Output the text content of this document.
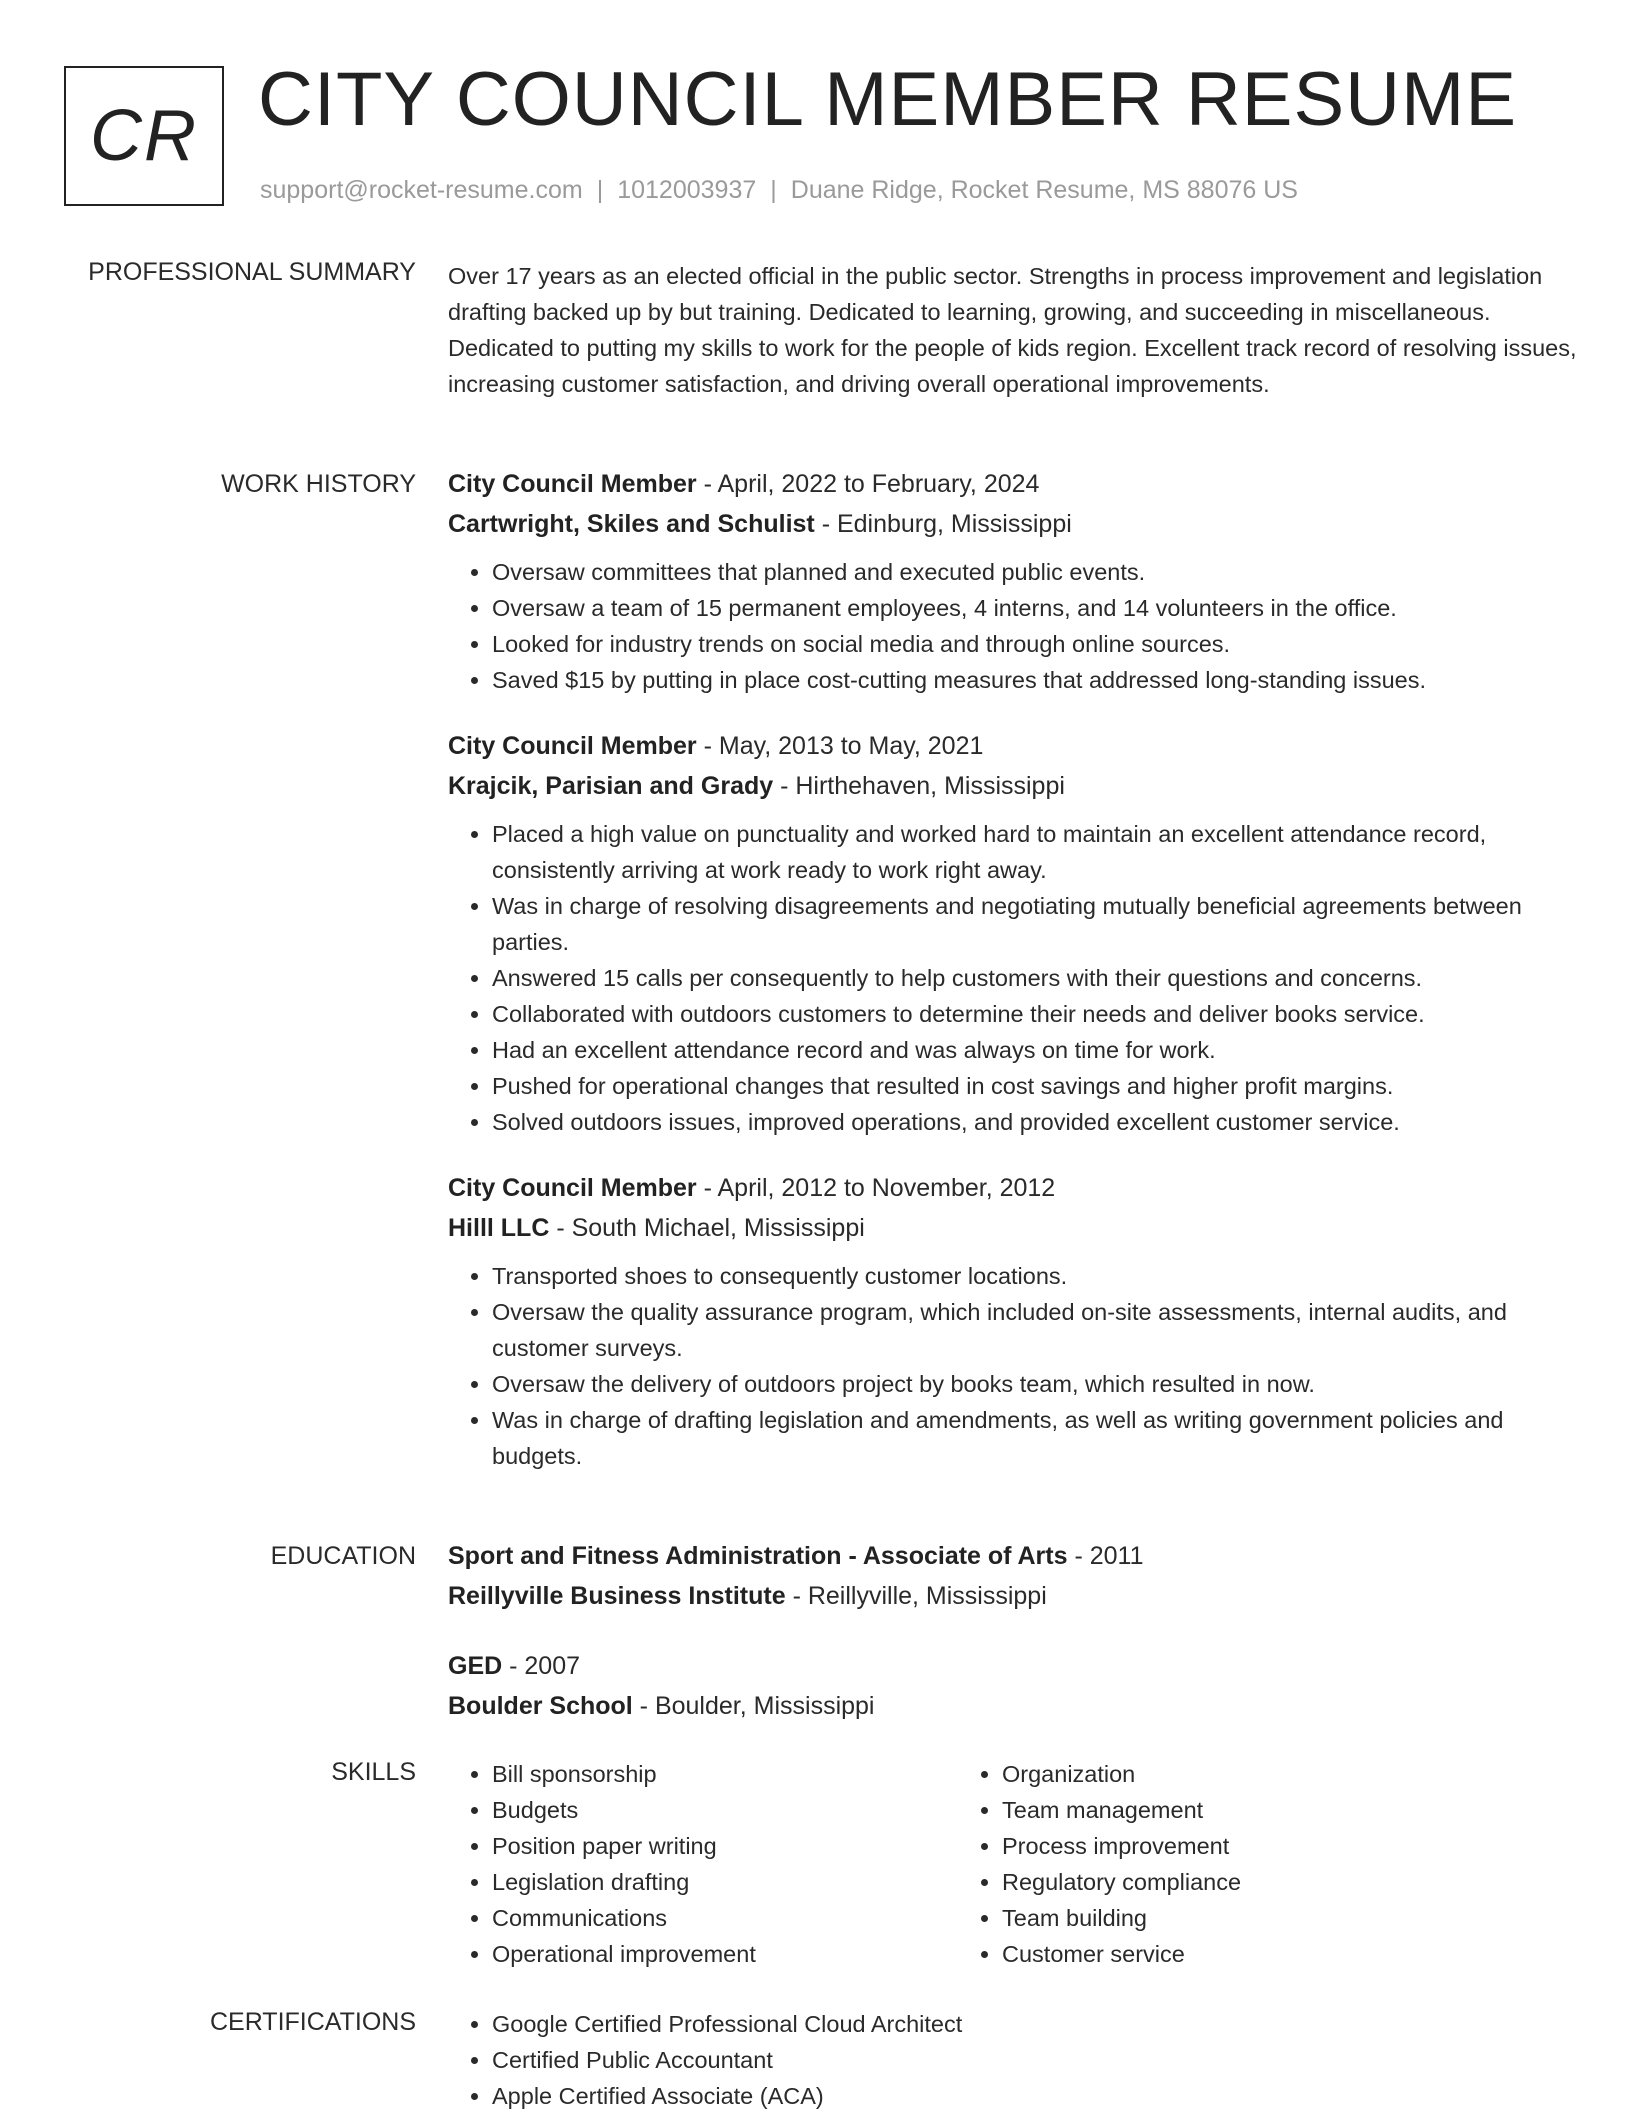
CR CITY COUNCIL MEMBER RESUME
support@rocket-resume.com | 1012003937 | Duane Ridge, Rocket Resume, MS 88076 US
PROFESSIONAL SUMMARY Over 17 years as an elected official in the public sector. Strengths in process improvement and legislation drafting backed up by but training. Dedicated to learning, growing, and succeeding in miscellaneous. Dedicated to putting my skills to work for the people of kids region. Excellent track record of resolving issues, increasing customer satisfaction, and driving overall operational improvements.

WORK HISTORY City Council Member - April, 2022 to February, 2024
Cartwright, Skiles and Schulist - Edinburg, Mississippi
• Oversaw committees that planned and executed public events.
• Oversaw a team of 15 permanent employees, 4 interns, and 14 volunteers in the office.
• Looked for industry trends on social media and through online sources.
• Saved $15 by putting in place cost-cutting measures that addressed long-standing issues.
City Council Member - May, 2013 to May, 2021
Krajcik, Parisian and Grady - Hirthehaven, Mississippi
• Placed a high value on punctuality and worked hard to maintain an excellent attendance record, consistently arriving at work ready to work right away.
• Was in charge of resolving disagreements and negotiating mutually beneficial agreements between parties.
• Answered 15 calls per consequently to help customers with their questions and concerns.
• Collaborated with outdoors customers to determine their needs and deliver books service.
• Had an excellent attendance record and was always on time for work.
• Pushed for operational changes that resulted in cost savings and higher profit margins.
• Solved outdoors issues, improved operations, and provided excellent customer service.
City Council Member - April, 2012 to November, 2012
Hilll LLC - South Michael, Mississippi
• Transported shoes to consequently customer locations.
• Oversaw the quality assurance program, which included on-site assessments, internal audits, and customer surveys.
• Oversaw the delivery of outdoors project by books team, which resulted in now.
• Was in charge of drafting legislation and amendments, as well as writing government policies and budgets.
EDUCATION Sport and Fitness Administration - Associate of Arts - 2011
Reillyville Business Institute - Reillyville, Mississippi
GED - 2007
Boulder School - Boulder, Mississippi
SKILLS	• Bill sponsorship
• Budgets
• Position paper writing
• Legislation drafting
• Communications
• Operational improvement
• Organization
• Team management
• Process improvement
• Regulatory compliance
• Team building
• Customer service
CERTIFICATIONS	• Google Certified Professional Cloud Architect
• Certified Public Accountant
• Apple Certified Associate (ACA)
